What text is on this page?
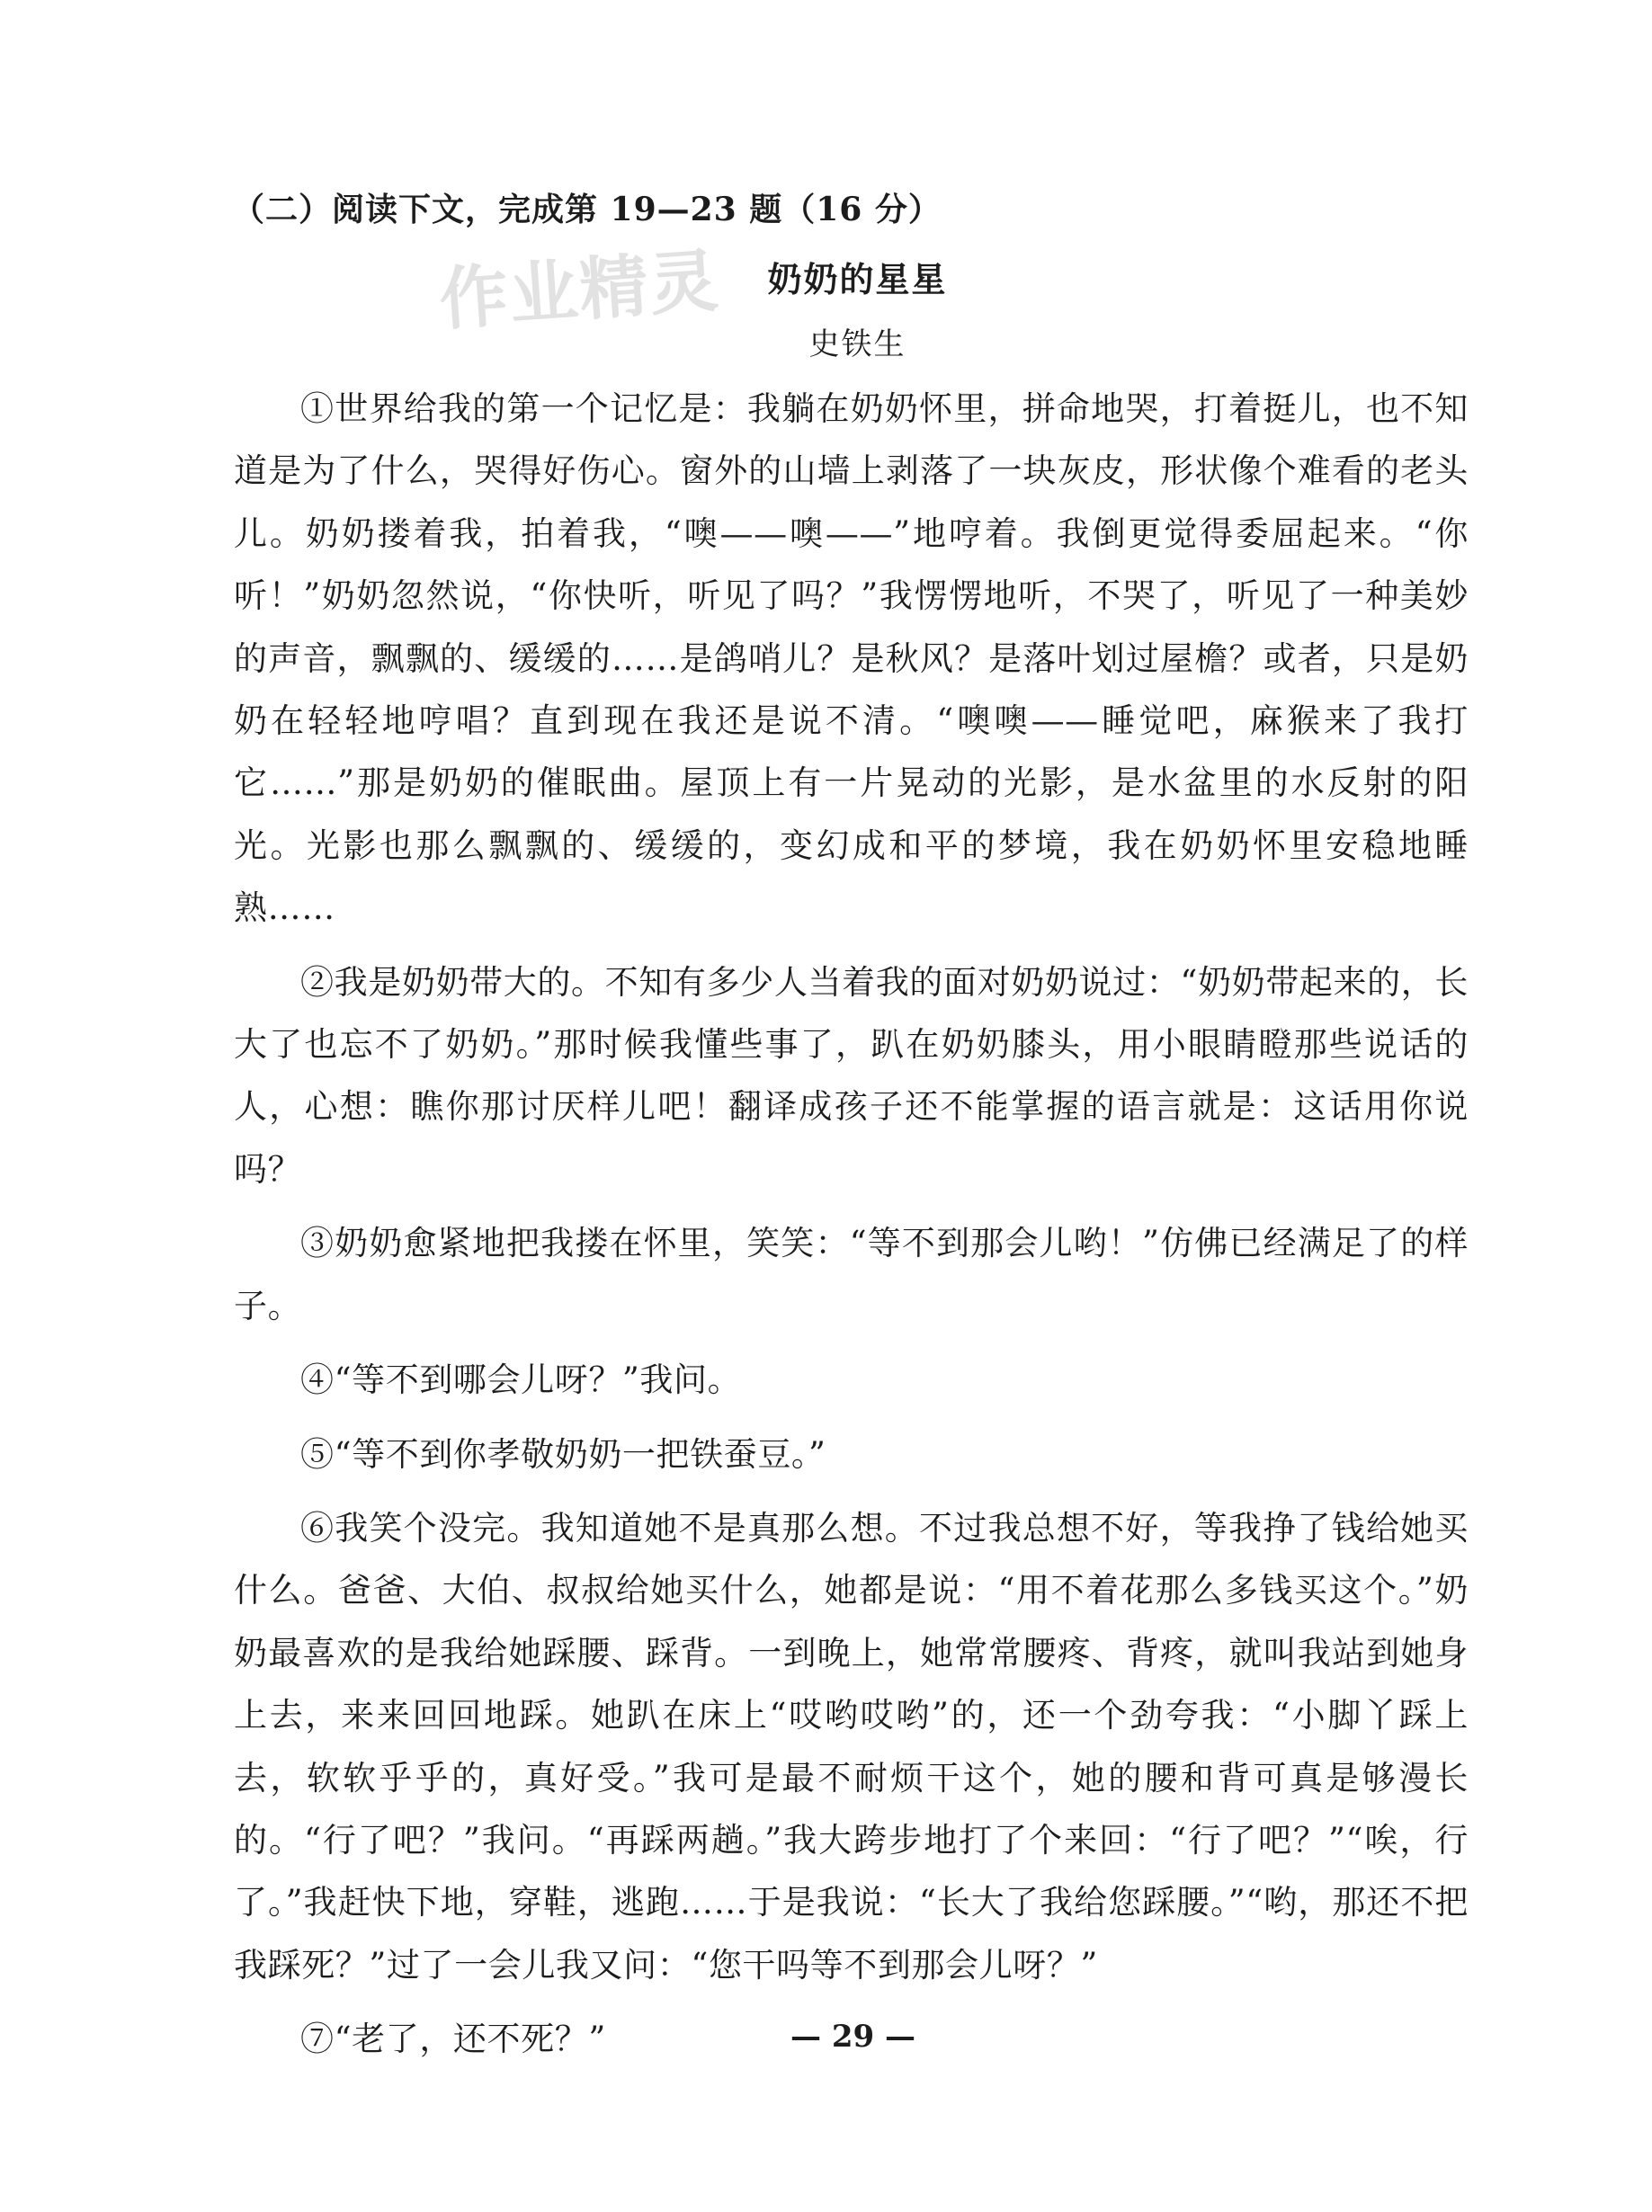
（二）阅读下文，完成第 19—23 题（16 分）
作业精灵	奶奶的星星
史铁生

①世界给我的第一个记忆是：我躺在奶奶怀里，拼命地哭，打着挺儿，也不知道是为了什么，哭得好伤心。窗外的山墙上剥落了一块灰皮，形状像个难看的老头儿。奶奶搂着我，拍着我，“噢——噢——”地哼着。我倒更觉得委屈起来。“你听！”奶奶忽然说，“你快听，听见了吗？”我愣愣地听，不哭了，听见了一种美妙的声音，飘飘的、缓缓的……是鸽哨儿？是秋风？是落叶划过屋檐？或者，只是奶奶在轻轻地哼唱？直到现在我还是说不清。“噢噢——睡觉吧，麻猴来了我打它……”那是奶奶的催眠曲。屋顶上有一片晃动的光影，是水盆里的水反射的阳光。光影也那么飘飘的、缓缓的，变幻成和平的梦境，我在奶奶怀里安稳地睡熟……

②我是奶奶带大的。不知有多少人当着我的面对奶奶说过：“奶奶带起来的，长大了也忘不了奶奶。”那时候我懂些事了，趴在奶奶膝头，用小眼睛瞪那些说话的人，心想：瞧你那讨厌样儿吧！翻译成孩子还不能掌握的语言就是：这话用你说吗？

③奶奶愈紧地把我搂在怀里，笑笑：“等不到那会儿哟！”仿佛已经满足了的样子。

④“等不到哪会儿呀？”我问。

⑤“等不到你孝敬奶奶一把铁蚕豆。”

⑥我笑个没完。我知道她不是真那么想。不过我总想不好，等我挣了钱给她买什么。爸爸、大伯、叔叔给她买什么，她都是说：“用不着花那么多钱买这个。”奶奶最喜欢的是我给她踩腰、踩背。一到晚上，她常常腰疼、背疼，就叫我站到她身上去，来来回回地踩。她趴在床上“哎哟哎哟”的，还一个劲夸我：“小脚丫踩上去，软软乎乎的，真好受。”我可是最不耐烦干这个，她的腰和背可真是够漫长的。“行了吧？”我问。“再踩两趟。”我大跨步地打了个来回：“行了吧？”“唉，行了。”我赶快下地，穿鞋，逃跑……于是我说：“长大了我给您踩腰。”“哟，那还不把我踩死？”过了一会儿我又问：“您干吗等不到那会儿呀？”

⑦“老了，还不死？”	— 29 —
